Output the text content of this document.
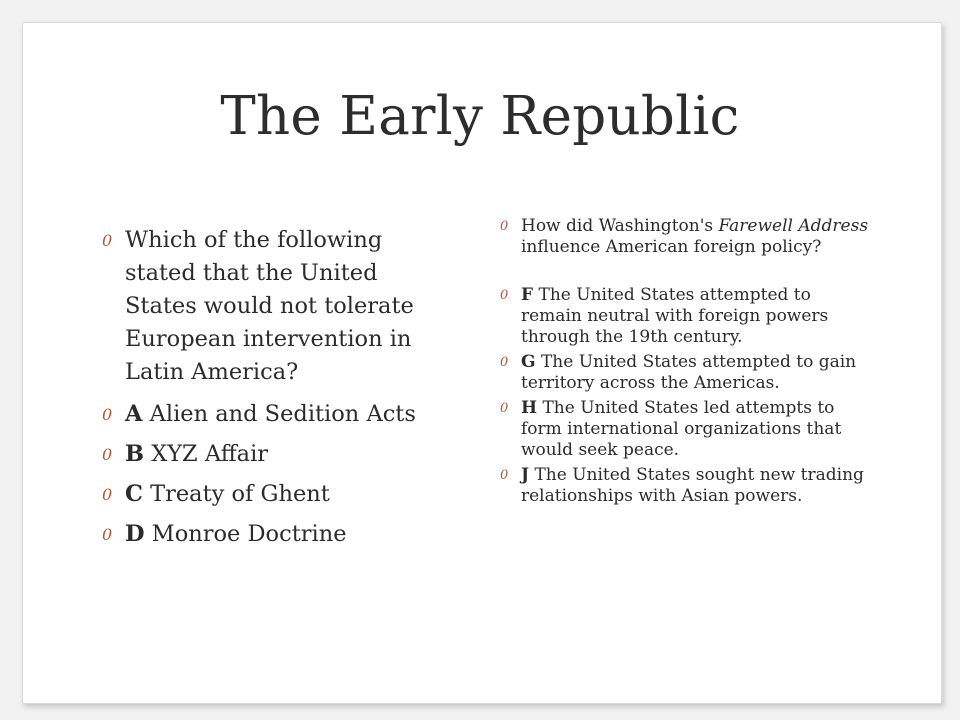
The Early Republic
0 Which of the following stated that the United States would not tolerate European intervention in Latin America?
0 A Alien and Sedition Acts
0 B XYZ Affair
0 C Treaty of Ghent
0 D Monroe Doctrine
0 How did Washington's Farewell Address influence American foreign policy?
0 F The United States attempted to remain neutral with foreign powers through the 19th century.
0 G The United States attempted to gain territory across the Americas.
0 H The United States led attempts to form international organizations that would seek peace.
0 J The United States sought new trading relationships with Asian powers.
